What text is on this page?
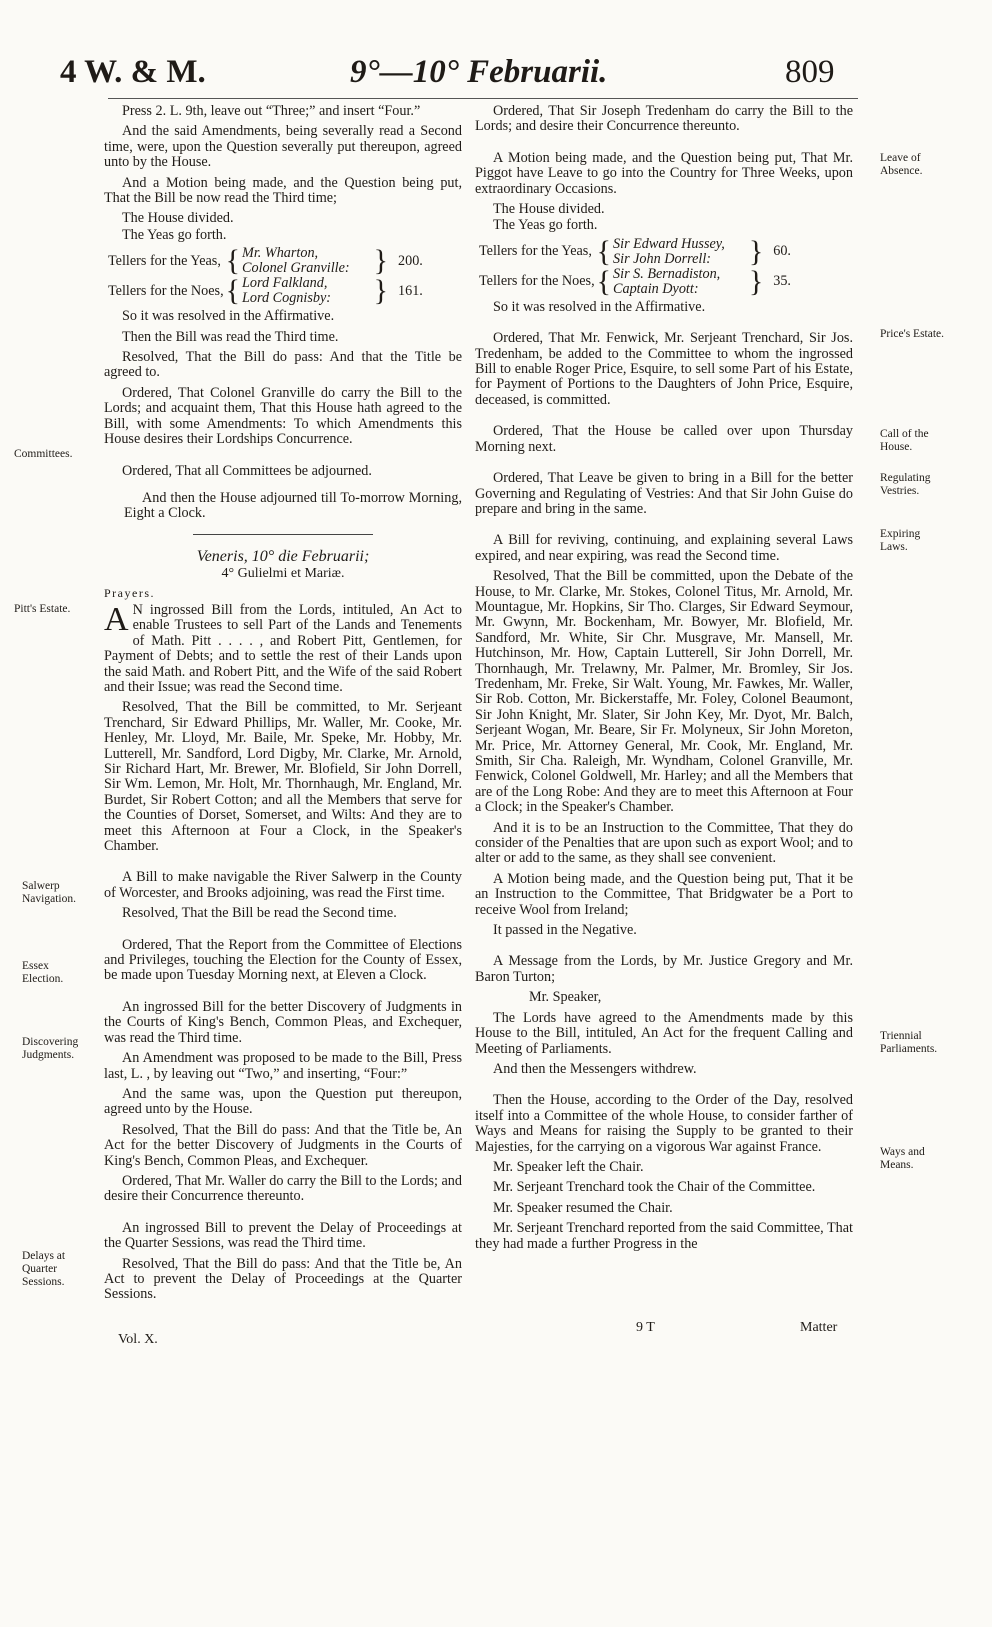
4 W. & M.	9°—10° Februarii.	809

Press 2. L. 9th, leave out “Three;” and insert “Four.”

And the said Amendments, being severally read a Second time, were, upon the Question severally put thereupon, agreed unto by the House.

And a Motion being made, and the Question being put, That the Bill be now read the Third time;

The House divided.

The Yeas go forth.

Tellers for the Yeas,	{	Mr. Wharton,	}	200.
		Colonel Granville:		
Tellers for the Noes,	{	Lord Falkland,	}	161.
		Lord Cognisby:		

So it was resolved in the Affirmative.

Then the Bill was read the Third time.

Resolved, That the Bill do pass: And that the Title be agreed to.

Ordered, That Colonel Granville do carry the Bill to the Lords; and acquaint them, That this House hath agreed to the Bill, with some Amendments: To which Amendments this House desires their Lordships Concurrence.

Ordered, That all Committees be adjourned.

And then the House adjourned till To-morrow Morning, Eight a Clock.

Veneris, 10° die Februarii;
4° Gulielmi et Mariæ.
Prayers.

A N ingrossed Bill from the Lords, intituled, An Act to enable Trustees to sell Part of the Lands and Tenements of Math. Pitt . . . . , and Robert Pitt, Gentlemen, for Payment of Debts; and to settle the rest of their Lands upon the said Math. and Robert Pitt, and the Wife of the said Robert and their Issue; was read the Second time.

Resolved, That the Bill be committed, to Mr. Serjeant Trenchard, Sir Edward Phillips, Mr. Waller, Mr. Cooke, Mr. Henley, Mr. Lloyd, Mr. Baile, Mr. Speke, Mr. Hobby, Mr. Lutterell, Mr. Sandford, Lord Digby, Mr. Clarke, Mr. Arnold, Sir Richard Hart, Mr. Brewer, Mr. Blofield, Sir John Dorrell, Sir Wm. Lemon, Mr. Holt, Mr. Thornhaugh, Mr. England, Mr. Burdet, Sir Robert Cotton; and all the Members that serve for the Counties of Dorset, Somerset, and Wilts: And they are to meet this Afternoon at Four a Clock, in the Speaker's Chamber.

A Bill to make navigable the River Salwerp in the County of Worcester, and Brooks adjoining, was read the First time.

Resolved, That the Bill be read the Second time.

Ordered, That the Report from the Committee of Elections and Privileges, touching the Election for the County of Essex, be made upon Tuesday Morning next, at Eleven a Clock.

An ingrossed Bill for the better Discovery of Judgments in the Courts of King's Bench, Common Pleas, and Exchequer, was read the Third time.

An Amendment was proposed to be made to the Bill, Press last, L. , by leaving out “Two,” and inserting, “Four:”

And the same was, upon the Question put thereupon, agreed unto by the House.

Resolved, That the Bill do pass: And that the Title be, An Act for the better Discovery of Judgments in the Courts of King's Bench, Common Pleas, and Exchequer.

Ordered, That Mr. Waller do carry the Bill to the Lords; and desire their Concurrence thereunto.

An ingrossed Bill to prevent the Delay of Proceedings at the Quarter Sessions, was read the Third time.

Resolved, That the Bill do pass: And that the Title be, An Act to prevent the Delay of Proceedings at the Quarter Sessions.

Ordered, That Sir Joseph Tredenham do carry the Bill to the Lords; and desire their Concurrence thereunto.

A Motion being made, and the Question being put, That Mr. Piggot have Leave to go into the Country for Three Weeks, upon extraordinary Occasions.

The House divided.

The Yeas go forth.

Tellers for the Yeas,	{	Sir Edward Hussey,	}	60.
		Sir John Dorrell:		
Tellers for the Noes,	{	Sir S. Bernadiston,	}	35.
		Captain Dyott:		

So it was resolved in the Affirmative.

Ordered, That Mr. Fenwick, Mr. Serjeant Trenchard, Sir Jos. Tredenham, be added to the Committee to whom the ingrossed Bill to enable Roger Price, Esquire, to sell some Part of his Estate, for Payment of Portions to the Daughters of John Price, Esquire, deceased, is committed.

Ordered, That the House be called over upon Thursday Morning next.

Ordered, That Leave be given to bring in a Bill for the better Governing and Regulating of Vestries: And that Sir John Guise do prepare and bring in the same.

A Bill for reviving, continuing, and explaining several Laws expired, and near expiring, was read the Second time.

Resolved, That the Bill be committed, upon the Debate of the House, to Mr. Clarke, Mr. Stokes, Colonel Titus, Mr. Arnold, Mr. Mountague, Mr. Hopkins, Sir Tho. Clarges, Sir Edward Seymour, Mr. Gwynn, Mr. Bockenham, Mr. Bowyer, Mr. Blofield, Mr. Sandford, Mr. White, Sir Chr. Musgrave, Mr. Mansell, Mr. Hutchinson, Mr. How, Captain Lutterell, Sir John Dorrell, Mr. Thornhaugh, Mr. Trelawny, Mr. Palmer, Mr. Bromley, Sir Jos. Tredenham, Mr. Freke, Sir Walt. Young, Mr. Fawkes, Mr. Waller, Sir Rob. Cotton, Mr. Bickerstaffe, Mr. Foley, Colonel Beaumont, Sir John Knight, Mr. Slater, Sir John Key, Mr. Dyot, Mr. Balch, Serjeant Wogan, Mr. Beare, Sir Fr. Molyneux, Sir John Moreton, Mr. Price, Mr. Attorney General, Mr. Cook, Mr. England, Mr. Smith, Sir Cha. Raleigh, Mr. Wyndham, Colonel Granville, Mr. Fenwick, Colonel Goldwell, Mr. Harley; and all the Members that are of the Long Robe: And they are to meet this Afternoon at Four a Clock; in the Speaker's Chamber.

And it is to be an Instruction to the Committee, That they do consider of the Penalties that are upon such as export Wool; and to alter or add to the same, as they shall see convenient.

A Motion being made, and the Question being put, That it be an Instruction to the Committee, That Bridgwater be a Port to receive Wool from Ireland;

It passed in the Negative.

A Message from the Lords, by Mr. Justice Gregory and Mr. Baron Turton;

Mr. Speaker,

The Lords have agreed to the Amendments made by this House to the Bill, intituled, An Act for the frequent Calling and Meeting of Parliaments.

And then the Messengers withdrew.

Then the House, according to the Order of the Day, resolved itself into a Committee of the whole House, to consider farther of Ways and Means for raising the Supply to be granted to their Majesties, for the carrying on a vigorous War against France.

Mr. Speaker left the Chair.

Mr. Serjeant Trenchard took the Chair of the Committee.

Mr. Speaker resumed the Chair.

Mr. Serjeant Trenchard reported from the said Committee, That they had made a further Progress in the

Committees.
Pitt's Estate.
Salwerp Navigation.
Essex Election.
Discovering Judgments.
Delays at Quarter Sessions.
Leave of Absence.
Price's Estate.
Call of the House.
Regulating Vestries.
Expiring Laws.
Triennial Parliaments.
Ways and Means.
Vol. X.
9 T	Matter
